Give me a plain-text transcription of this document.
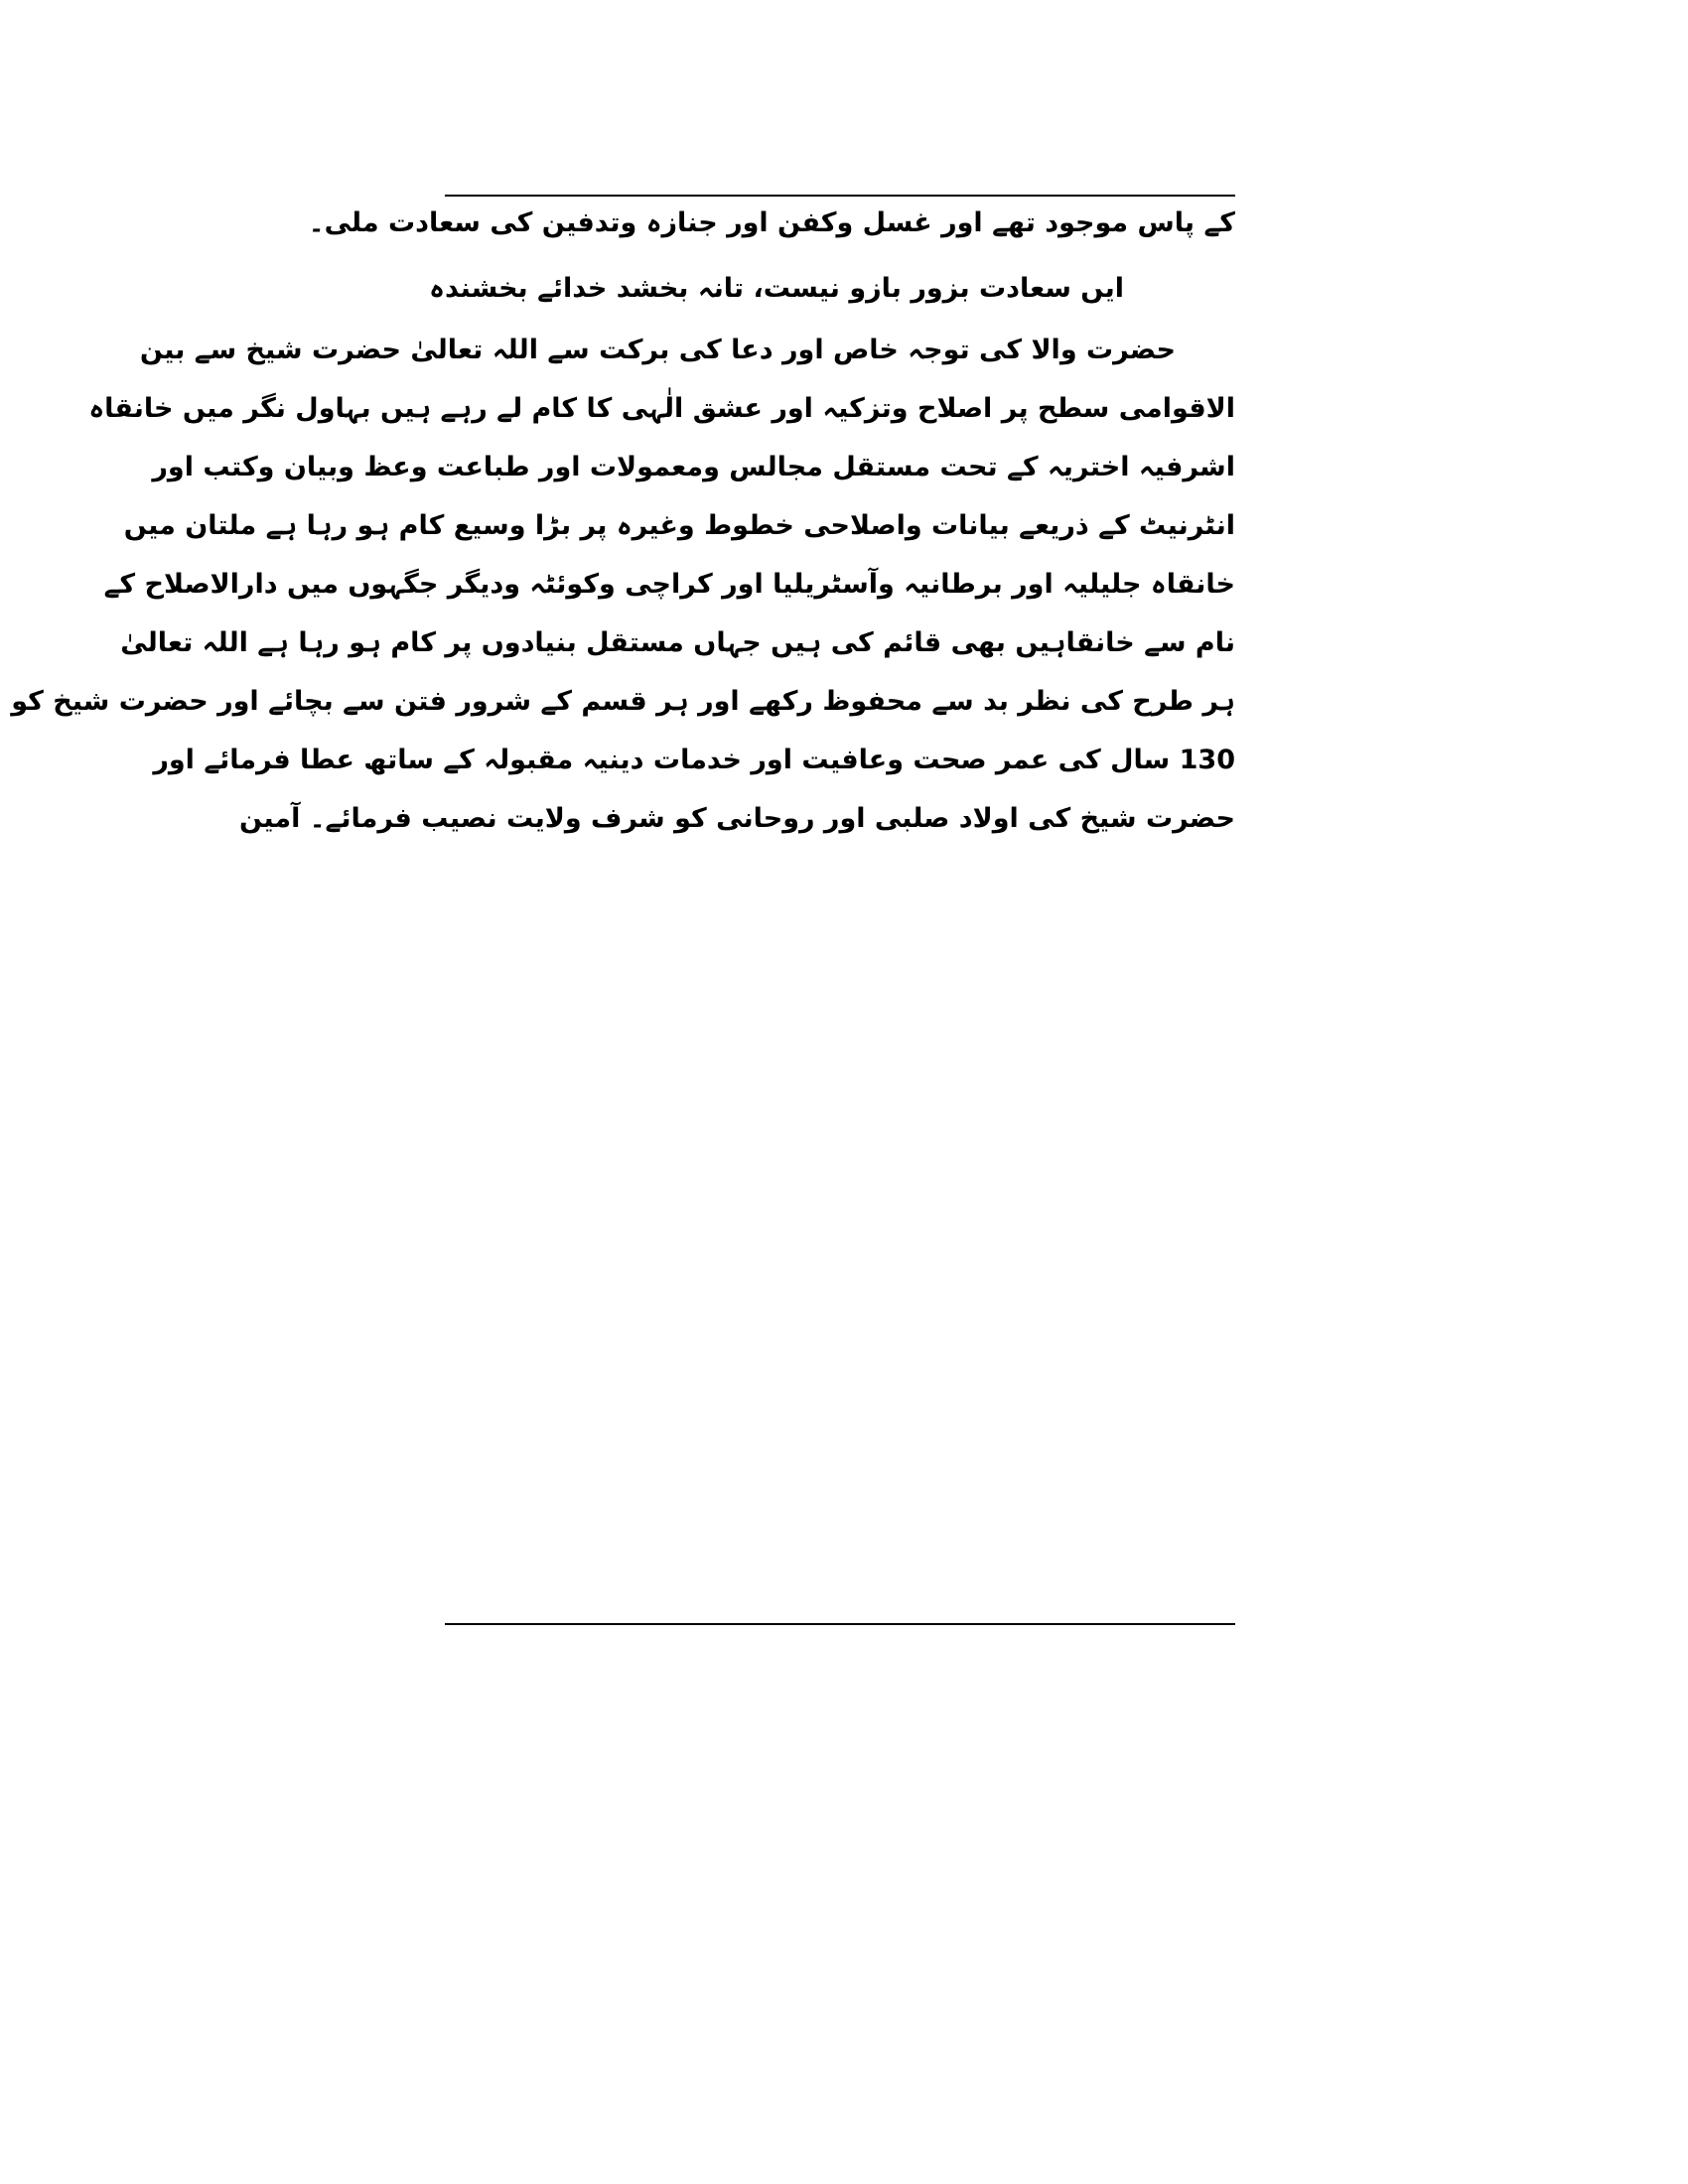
کے پاس موجود تھے اور غسل وکفن اور جنازہ وتدفین کی سعادت ملی۔
ایں سعادت بزور بازو نیست، تانہ بخشد خدائے بخشندہ
حضرت والا کی توجہ خاص اور دعا کی برکت سے اللہ تعالیٰ حضرت شیخ سے بین
الاقوامی سطح پر اصلاح وتزکیہ اور عشق الٰہی کا کام لے رہے ہیں بہاول نگر میں خانقاہ
اشرفیہ اختریہ کے تحت مستقل مجالس ومعمولات اور طباعت وعظ وبیان وکتب اور
انٹرنیٹ کے ذریعے بیانات واصلاحی خطوط وغیرہ پر بڑا وسیع کام ہو رہا ہے ملتان میں
خانقاہ جلیلیہ اور برطانیہ وآسٹریلیا اور کراچی وکوئٹہ ودیگر جگہوں میں دارالاصلاح کے
نام سے خانقاہیں بھی قائم کی ہیں جہاں مستقل بنیادوں پر کام ہو رہا ہے اللہ تعالیٰ
ہر طرح کی نظر بد سے محفوظ رکھے اور ہر قسم کے شرور فتن سے بچائے اور حضرت شیخ کو
130 سال کی عمر صحت وعافیت اور خدمات دینیہ مقبولہ کے ساتھ عطا فرمائے اور
حضرت شیخ کی اولاد صلبی اور روحانی کو شرف ولایت نصیب فرمائے۔ آمین
